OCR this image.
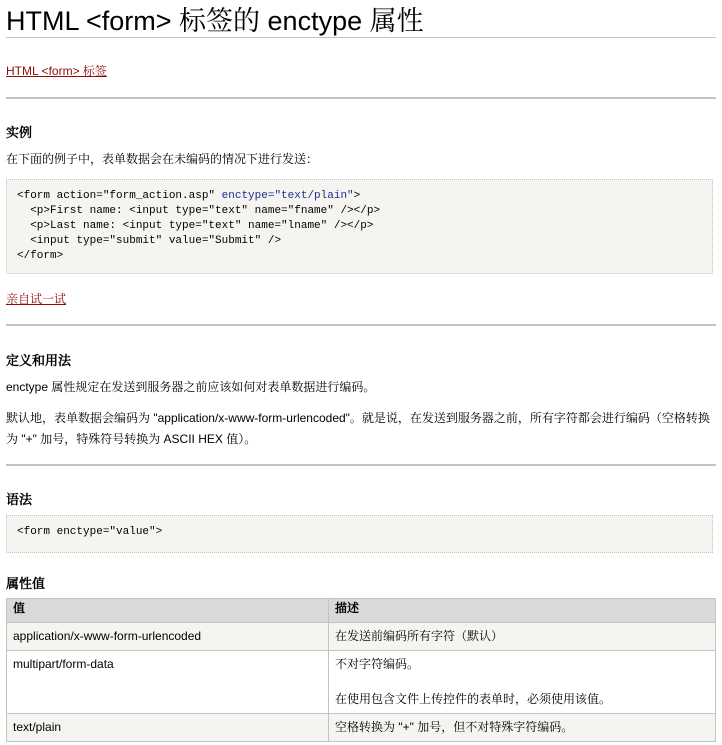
HTML <form> 标签的 enctype 属性
HTML <form> 标签
实例
在下面的例子中，表单数据会在未编码的情况下进行发送：
<form action="form_action.asp" enctype="text/plain">
<p>First name: <input type="text" name="fname" /></p>
<p>Last name: <input type="text" name="lname" /></p>
<input type="submit" value="Submit" />
</form>
亲自试一试
定义和用法
enctype 属性规定在发送到服务器之前应该如何对表单数据进行编码。
默认地，表单数据会编码为 "application/x-www-form-urlencoded"。就是说，在发送到服务器之前，所有字符都会进行编码（空格转换为 "+" 加号，特殊符号转换为 ASCII HEX 值）。
语法
<form enctype="value">
属性值
值	描述

application/x-www-form-urlencoded	在发送前编码所有字符（默认）

multipart/form-data	不对字符编码。
在使用包含文件上传控件的表单时，必须使用该值。

text/plain	空格转换为 "+" 加号，但不对特殊字符编码。
